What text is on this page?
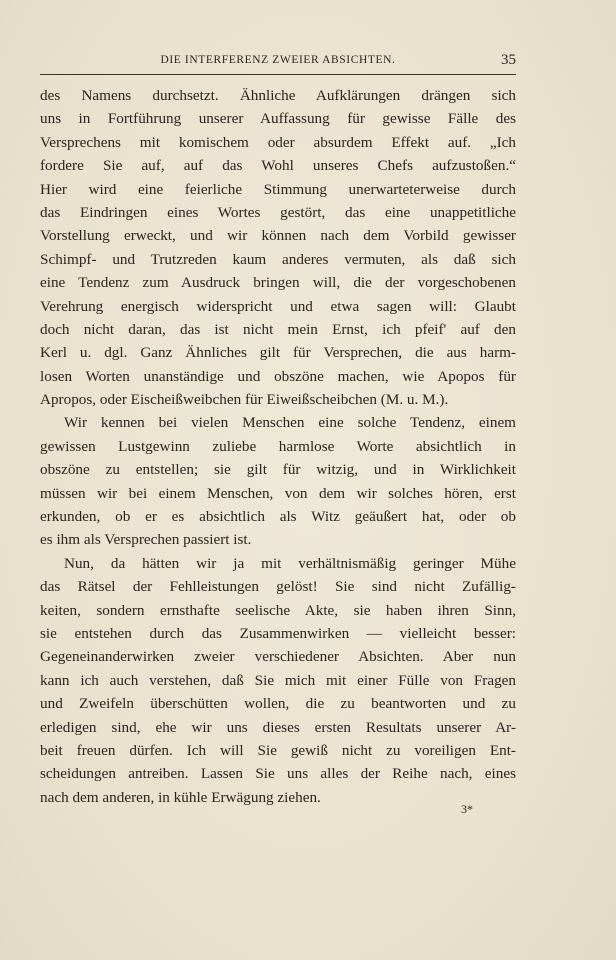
DIE INTERFERENZ ZWEIER ABSICHTEN.	35
des Namens durchsetzt. Ähnliche Aufklärungen drängen sich
uns in Fortführung unserer Auffassung für gewisse Fälle des
Versprechens mit komischem oder absurdem Effekt auf. „Ich
fordere Sie auf, auf das Wohl unseres Chefs aufzustoßen.“
Hier wird eine feierliche Stimmung unerwarteterweise durch
das Eindringen eines Wortes gestört, das eine unappetitliche
Vorstellung erweckt, und wir können nach dem Vorbild gewisser
Schimpf- und Trutzreden kaum anderes vermuten, als daß sich
eine Tendenz zum Ausdruck bringen will, die der vorgeschobenen
Verehrung energisch widerspricht und etwa sagen will: Glaubt
doch nicht daran, das ist nicht mein Ernst, ich pfeif' auf den
Kerl u. dgl. Ganz Ähnliches gilt für Versprechen, die aus harm-
losen Worten unanständige und obszöne machen, wie Apopos für
Apropos, oder Eischeißweibchen für Eiweißscheibchen (M. u. M.).
Wir kennen bei vielen Menschen eine solche Tendenz, einem
gewissen Lustgewinn zuliebe harmlose Worte absichtlich in
obszöne zu entstellen; sie gilt für witzig, und in Wirklichkeit
müssen wir bei einem Menschen, von dem wir solches hören, erst
erkunden, ob er es absichtlich als Witz geäußert hat, oder ob
es ihm als Versprechen passiert ist.
Nun, da hätten wir ja mit verhältnismäßig geringer Mühe
das Rätsel der Fehlleistungen gelöst! Sie sind nicht Zufällig-
keiten, sondern ernsthafte seelische Akte, sie haben ihren Sinn,
sie entstehen durch das Zusammenwirken — vielleicht besser:
Gegeneinanderwirken zweier verschiedener Absichten. Aber nun
kann ich auch verstehen, daß Sie mich mit einer Fülle von Fragen
und Zweifeln überschütten wollen, die zu beantworten und zu
erledigen sind, ehe wir uns dieses ersten Resultats unserer Ar-
beit freuen dürfen. Ich will Sie gewiß nicht zu voreiligen Ent-
scheidungen antreiben. Lassen Sie uns alles der Reihe nach, eines
nach dem anderen, in kühle Erwägung ziehen.
3*
